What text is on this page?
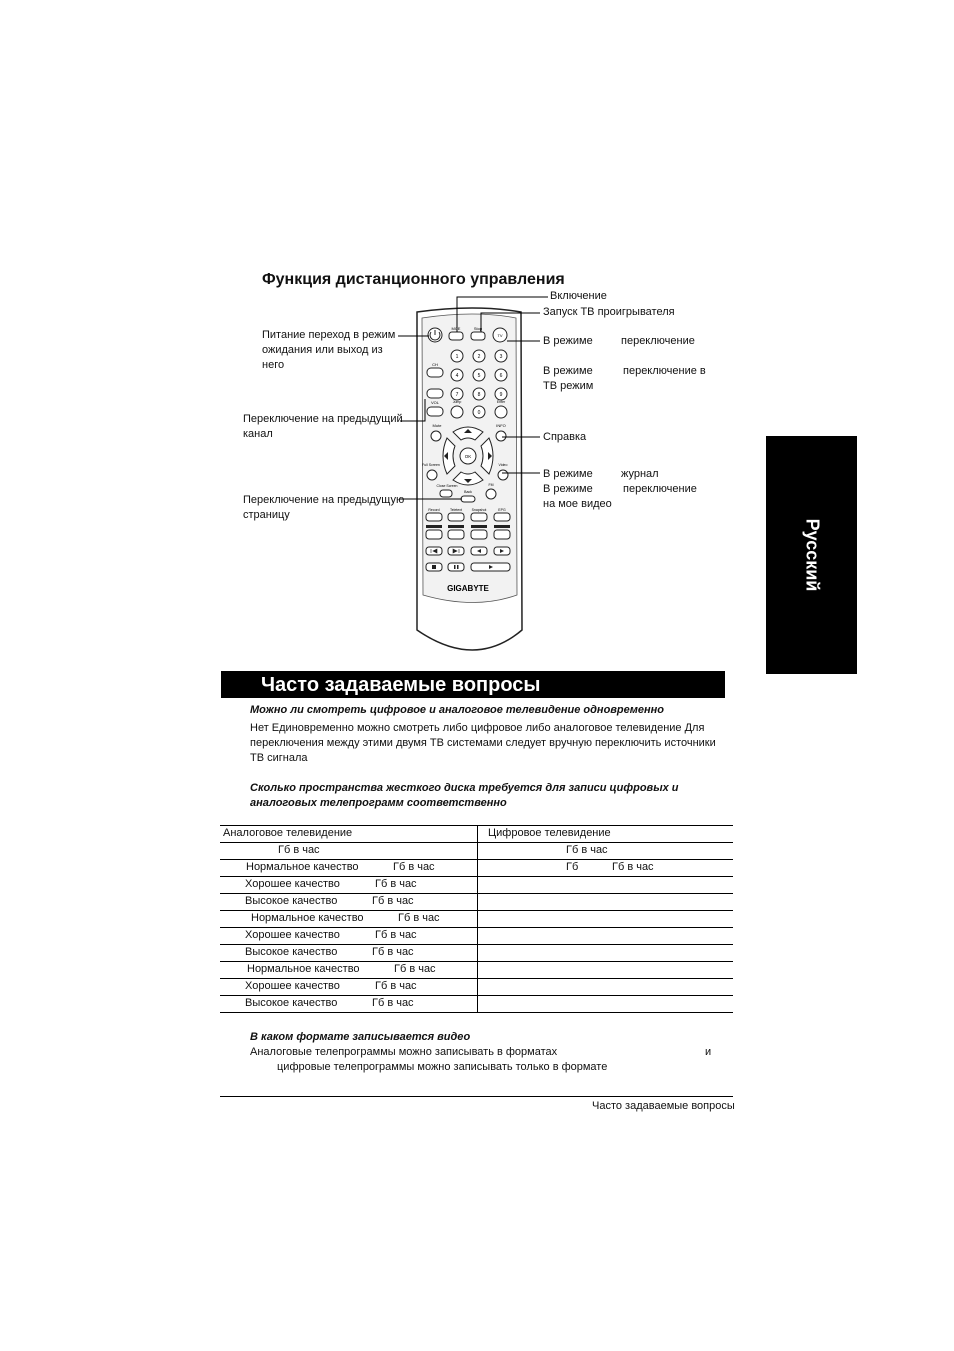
Функция дистанционного управления
Питание переход в режим
ожидания или выход из
него
Переключение на предыдущий
канал
Переключение на предыдущую
страницу
Включение
Запуск ТВ проигрывателя
В режиме	переключение
В режиме	переключение в
ТВ режим
Справка
В режиме	журнал
В режиме	переключение
на мое видео
MCE	Stop
TV
1	2	3
4	5	6
7	8	9
0
Jump	Enter
CH
VOL
Mute	INFO
OK
Full Screen
Close Screen
Video
Back
FM
Record	Teletext	Snapshot	EPG
GIGABYTE	Русский
Часто задаваемые вопросы
Можно ли смотреть цифровое и аналоговое телевидение одновременно
Нет Единовременно можно смотреть либо цифровое либо аналоговое телевидение Для
переключения между этими двумя ТВ системами следует вручную переключить источники
ТВ сигнала
Сколько пространства жесткого диска требуется для записи цифровых и
аналоговых телепрограмм соответственно
Аналоговое телевидение	Цифровое телевидение

Гб в час	Гб в час

Нормальное качество Гб в час	Гб Гб в час

Хорошее качество Гб в час	

Высокое качество Гб в час	

Нормальное качество Гб в час	

Хорошее качество Гб в час	

Высокое качество Гб в час	

Нормальное качество Гб в час	

Хорошее качество Гб в час	

Высокое качество Гб в час	

В каком формате записывается видео
Аналоговые телепрограммы можно записывать в форматах	и
цифровые телепрограммы можно записывать только в формате
Часто задаваемые вопросы
